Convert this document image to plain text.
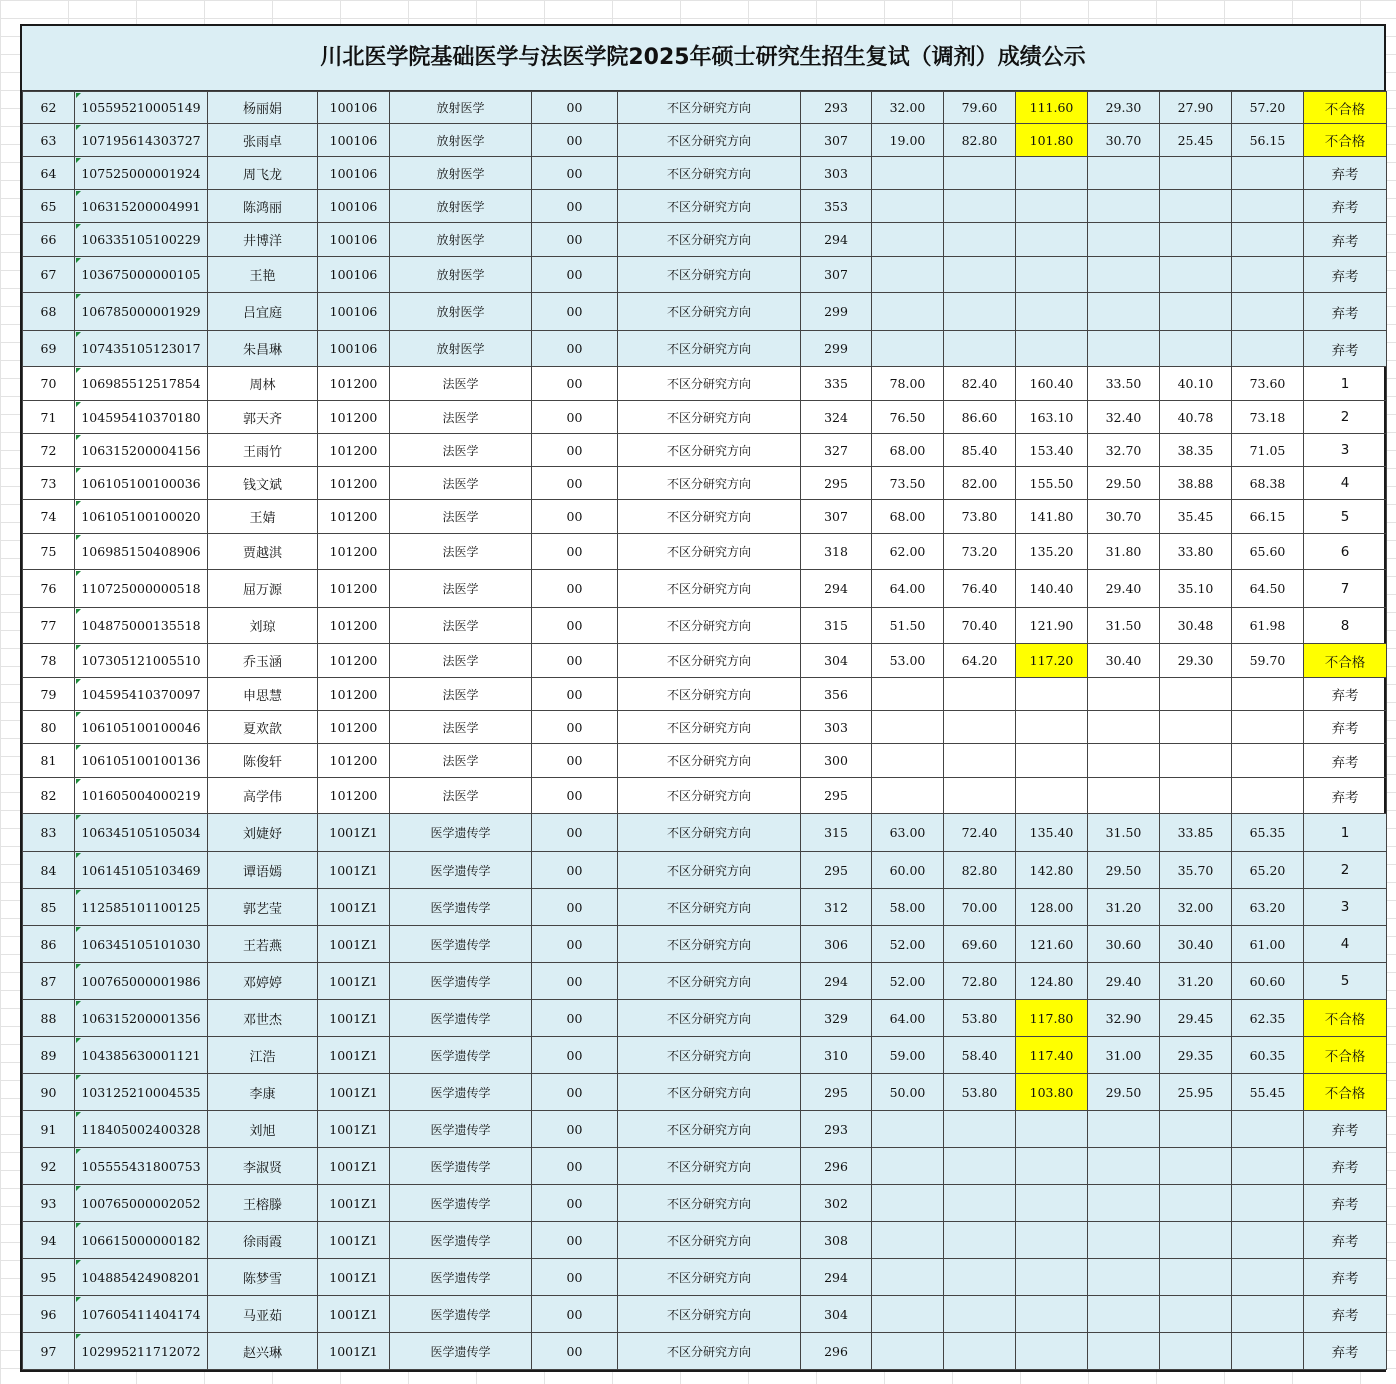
川北医学院基础医学与法医学院2025年硕士研究生招生复试（调剂）成绩公示
62	105595210005149	杨丽娟	100106	放射医学	00	不区分研究方向	293	32.00	79.60	111.60	29.30	27.90	57.20	不合格
63	107195614303727	张雨卓	100106	放射医学	00	不区分研究方向	307	19.00	82.80	101.80	30.70	25.45	56.15	不合格
64	107525000001924	周飞龙	100106	放射医学	00	不区分研究方向	303							弃考
65	106315200004991	陈鸿丽	100106	放射医学	00	不区分研究方向	353							弃考
66	106335105100229	井博洋	100106	放射医学	00	不区分研究方向	294							弃考
67	103675000000105	王艳	100106	放射医学	00	不区分研究方向	307							弃考
68	106785000001929	吕宜庭	100106	放射医学	00	不区分研究方向	299							弃考
69	107435105123017	朱昌琳	100106	放射医学	00	不区分研究方向	299							弃考
70	106985512517854	周林	101200	法医学	00	不区分研究方向	335	78.00	82.40	160.40	33.50	40.10	73.60	1
71	104595410370180	郭天齐	101200	法医学	00	不区分研究方向	324	76.50	86.60	163.10	32.40	40.78	73.18	2
72	106315200004156	王雨竹	101200	法医学	00	不区分研究方向	327	68.00	85.40	153.40	32.70	38.35	71.05	3
73	106105100100036	钱文斌	101200	法医学	00	不区分研究方向	295	73.50	82.00	155.50	29.50	38.88	68.38	4
74	106105100100020	王婧	101200	法医学	00	不区分研究方向	307	68.00	73.80	141.80	30.70	35.45	66.15	5
75	106985150408906	贾越淇	101200	法医学	00	不区分研究方向	318	62.00	73.20	135.20	31.80	33.80	65.60	6
76	110725000000518	屈万源	101200	法医学	00	不区分研究方向	294	64.00	76.40	140.40	29.40	35.10	64.50	7
77	104875000135518	刘琼	101200	法医学	00	不区分研究方向	315	51.50	70.40	121.90	31.50	30.48	61.98	8
78	107305121005510	乔玉涵	101200	法医学	00	不区分研究方向	304	53.00	64.20	117.20	30.40	29.30	59.70	不合格
79	104595410370097	申思慧	101200	法医学	00	不区分研究方向	356							弃考
80	106105100100046	夏欢歆	101200	法医学	00	不区分研究方向	303							弃考
81	106105100100136	陈俊轩	101200	法医学	00	不区分研究方向	300							弃考
82	101605004000219	高学伟	101200	法医学	00	不区分研究方向	295							弃考
83	106345105105034	刘婕妤	1001Z1	医学遗传学	00	不区分研究方向	315	63.00	72.40	135.40	31.50	33.85	65.35	1
84	106145105103469	谭语嫣	1001Z1	医学遗传学	00	不区分研究方向	295	60.00	82.80	142.80	29.50	35.70	65.20	2
85	112585101100125	郭艺莹	1001Z1	医学遗传学	00	不区分研究方向	312	58.00	70.00	128.00	31.20	32.00	63.20	3
86	106345105101030	王若燕	1001Z1	医学遗传学	00	不区分研究方向	306	52.00	69.60	121.60	30.60	30.40	61.00	4
87	100765000001986	邓婷婷	1001Z1	医学遗传学	00	不区分研究方向	294	52.00	72.80	124.80	29.40	31.20	60.60	5
88	106315200001356	邓世杰	1001Z1	医学遗传学	00	不区分研究方向	329	64.00	53.80	117.80	32.90	29.45	62.35	不合格
89	104385630001121	江浩	1001Z1	医学遗传学	00	不区分研究方向	310	59.00	58.40	117.40	31.00	29.35	60.35	不合格
90	103125210004535	李康	1001Z1	医学遗传学	00	不区分研究方向	295	50.00	53.80	103.80	29.50	25.95	55.45	不合格
91	118405002400328	刘旭	1001Z1	医学遗传学	00	不区分研究方向	293							弃考
92	105555431800753	李淑贤	1001Z1	医学遗传学	00	不区分研究方向	296							弃考
93	100765000002052	王榕滕	1001Z1	医学遗传学	00	不区分研究方向	302							弃考
94	106615000000182	徐雨霞	1001Z1	医学遗传学	00	不区分研究方向	308							弃考
95	104885424908201	陈梦雪	1001Z1	医学遗传学	00	不区分研究方向	294							弃考
96	107605411404174	马亚茹	1001Z1	医学遗传学	00	不区分研究方向	304							弃考
97	102995211712072	赵兴琳	1001Z1	医学遗传学	00	不区分研究方向	296							弃考
